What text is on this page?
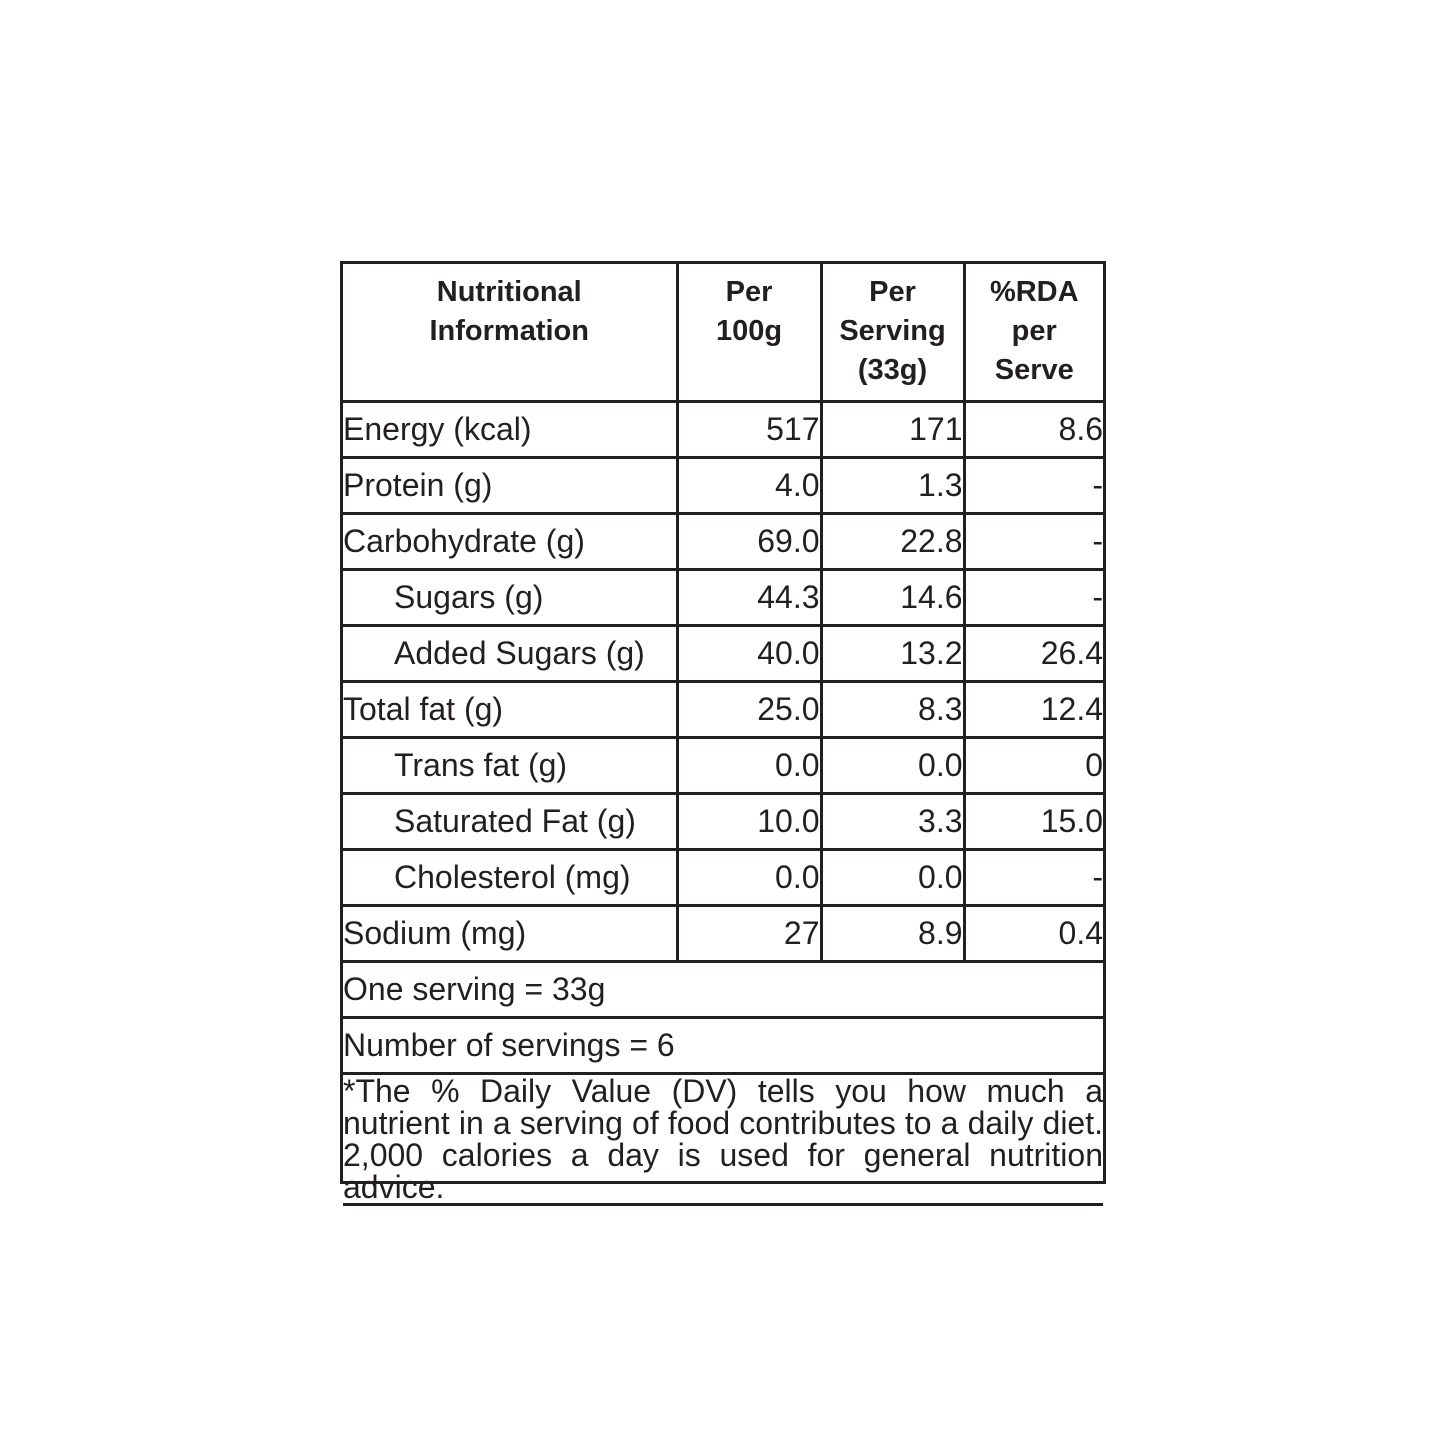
Nutritional Information	Per 100g	Per Serving (33g)	%RDA per Serve
Energy (kcal)	517	171	8.6
Protein (g)	4.0	1.3	-
Carbohydrate (g)	69.0	22.8	-
Sugars (g)	44.3	14.6	-
Added Sugars (g)	40.0	13.2	26.4
Total fat (g)	25.0	8.3	12.4
Trans fat (g)	0.0	0.0	0
Saturated Fat (g)	10.0	3.3	15.0
Cholesterol (mg)	0.0	0.0	-
Sodium (mg)	27	8.9	0.4
One serving = 33g			
Number of servings = 6			
*The % Daily Value (DV) tells you how much a nutrient in a serving of food contributes to a daily diet. 2,000 calories a day is used for general nutrition advice.			
